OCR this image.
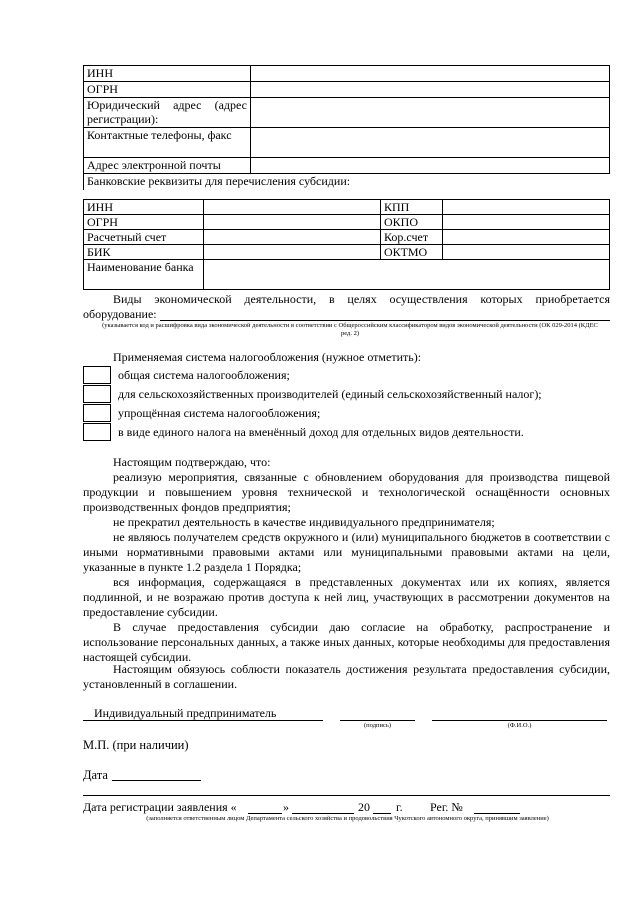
ИНН	
ОГРН	
Юридический адрес (адрес регистрации):	
Контактные телефоны, факс	
Адрес электронной почты	
Банковские реквизиты для перечисления субсидии:	
ИНН		КПП	
ОГРН		ОКПО	
Расчетный счет		Кор.счет	
БИК		ОКТМО	
Наименование банка			
Виды экономической деятельности, в целях осуществления которых приобретается
оборудование:
(указывается код и расшифровка вида экономической деятельности в соответствии с Общероссийским классификатором видов экономической деятельности (ОК 029-2014 (КДЕС ред. 2)
Применяемая система налогообложения (нужное отметить):
общая система налогообложения;
для сельскохозяйственных производителей (единый сельскохозяйственный налог);
упрощённая система налогообложения;
в виде единого налога на вменённый доход для отдельных видов деятельности.
Настоящим подтверждаю, что:
реализую мероприятия, связанные с обновлением оборудования для производства пищевой продукции и повышением уровня технической и технологической оснащённости основных производственных фондов предприятия;
не прекратил деятельность в качестве индивидуального предпринимателя;
не являюсь получателем средств окружного и (или) муниципального бюджетов в соответствии с иными нормативными правовыми актами или муниципальными правовыми актами на цели, указанные в пункте 1.2 раздела 1 Порядка;
вся информация, содержащаяся в представленных документах или их копиях, является подлинной, и не возражаю против доступа к ней лиц, участвующих в рассмотрении документов на предоставление субсидии.
В случае предоставления субсидии даю согласие на обработку, распространение и использование персональных данных, а также иных данных, которые необходимы для предоставления настоящей субсидии.
Настоящим обязуюсь соблюсти показатель достижения результата предоставления субсидии, установленный в соглашении.
Индивидуальный предприниматель
(подпись)	(Ф.И.О.)
М.П. (при наличии)
Дата
Дата регистрации заявления «	»	20 г. Рег. №
(заполняется ответственным лицом Департамента сельского хозяйства и продовольствия Чукотского автономного округа, принявшим заявление)
